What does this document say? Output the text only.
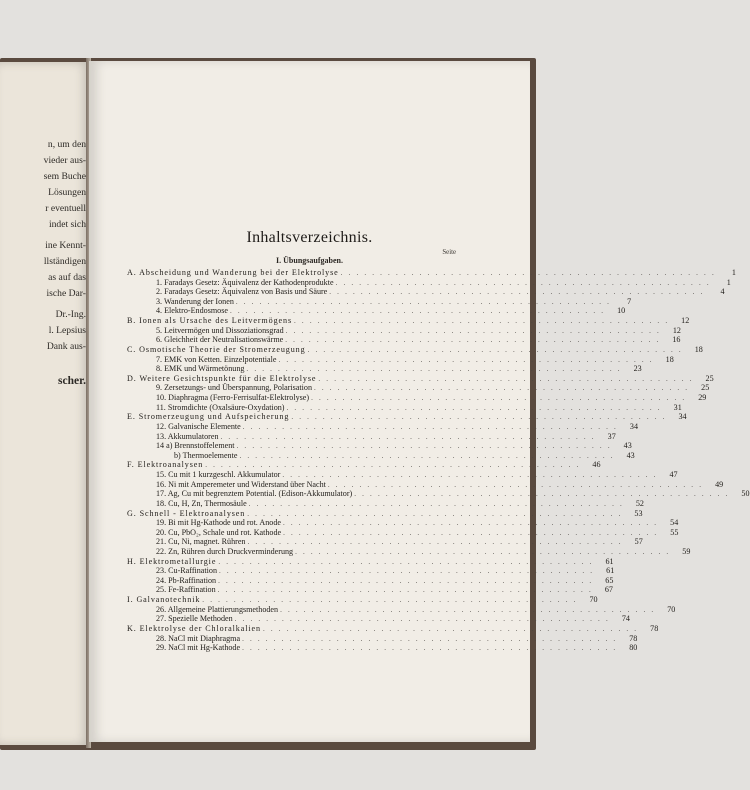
n, um den
vieder aus-
sem Buche
Lösungen
r eventuell
indet sich
ine Kennt-
llständigen
as auf das
ische Dar-
Dr.-Ing.
l. Lepsius
Dank aus-
scher.
Inhaltsverzeichnis.
Seite
I. Übungsaufgaben.
A. Abscheidung und Wanderung bei der Elektrolyse . . . . . . . . . . . . . . . . . . . . . . . . . . . . . . . . . . . . . . . . . . . . . . . .	1
1. Faradays Gesetz: Äquivalenz der Kathodenprodukte . . . . . . . . . . . . . . . . . . . . . . . . . . . . . . . . . . . . . . . . . . . . . . . .	1
2. Faradays Gesetz: Äquivalenz von Basis und Säure . . . . . . . . . . . . . . . . . . . . . . . . . . . . . . . . . . . . . . . . . . . . . . . .	4
3. Wanderung der Ionen . . . . . . . . . . . . . . . . . . . . . . . . . . . . . . . . . . . . . . . . . . . . . . . .	7
4. Elektro-Endosmose . . . . . . . . . . . . . . . . . . . . . . . . . . . . . . . . . . . . . . . . . . . . . . . .	10
B. Ionen als Ursache des Leitvermögens . . . . . . . . . . . . . . . . . . . . . . . . . . . . . . . . . . . . . . . . . . . . . . . .	12
5. Leitvermögen und Dissoziationsgrad . . . . . . . . . . . . . . . . . . . . . . . . . . . . . . . . . . . . . . . . . . . . . . . .	12
6. Gleichheit der Neutralisationswärme . . . . . . . . . . . . . . . . . . . . . . . . . . . . . . . . . . . . . . . . . . . . . . . .	16
C. Osmotische Theorie der Stromerzeugung . . . . . . . . . . . . . . . . . . . . . . . . . . . . . . . . . . . . . . . . . . . . . . . .	18
7. EMK von Ketten. Einzelpotentiale . . . . . . . . . . . . . . . . . . . . . . . . . . . . . . . . . . . . . . . . . . . . . . . .	18
8. EMK und Wärmetönung . . . . . . . . . . . . . . . . . . . . . . . . . . . . . . . . . . . . . . . . . . . . . . . .	23
D. Weitere Gesichtspunkte für die Elektrolyse . . . . . . . . . . . . . . . . . . . . . . . . . . . . . . . . . . . . . . . . . . . . . . . .	25
9. Zersetzungs- und Überspannung, Polarisation . . . . . . . . . . . . . . . . . . . . . . . . . . . . . . . . . . . . . . . . . . . . . . . .	25
10. Diaphragma (Ferro-Ferrisulfat-Elektrolyse) . . . . . . . . . . . . . . . . . . . . . . . . . . . . . . . . . . . . . . . . . . . . . . . .	29
11. Stromdichte (Oxalsäure-Oxydation) . . . . . . . . . . . . . . . . . . . . . . . . . . . . . . . . . . . . . . . . . . . . . . . .	31
E. Stromerzeugung und Aufspeicherung . . . . . . . . . . . . . . . . . . . . . . . . . . . . . . . . . . . . . . . . . . . . . . . .	34
12. Galvanische Elemente . . . . . . . . . . . . . . . . . . . . . . . . . . . . . . . . . . . . . . . . . . . . . . . .	34
13. Akkumulatoren . . . . . . . . . . . . . . . . . . . . . . . . . . . . . . . . . . . . . . . . . . . . . . . .	37
14 a) Brennstoffelement . . . . . . . . . . . . . . . . . . . . . . . . . . . . . . . . . . . . . . . . . . . . . . . .	43
b) Thermoelemente . . . . . . . . . . . . . . . . . . . . . . . . . . . . . . . . . . . . . . . . . . . . . . . .	43
F. Elektroanalysen . . . . . . . . . . . . . . . . . . . . . . . . . . . . . . . . . . . . . . . . . . . . . . . .	46
15. Cu mit 1 kurzgeschl. Akkumulator . . . . . . . . . . . . . . . . . . . . . . . . . . . . . . . . . . . . . . . . . . . . . . . .	47
16. Ni mit Amperemeter und Widerstand über Nacht . . . . . . . . . . . . . . . . . . . . . . . . . . . . . . . . . . . . . . . . . . . . . . . .	49
17. Ag, Cu mit begrenztem Potential. (Edison-Akkumulator) . . . . . . . . . . . . . . . . . . . . . . . . . . . . . . . . . . . . . . . . . . . . . . . .	50
18. Cu, H, Zn, Thermosäule . . . . . . . . . . . . . . . . . . . . . . . . . . . . . . . . . . . . . . . . . . . . . . . .	52
G. Schnell - Elektroanalysen . . . . . . . . . . . . . . . . . . . . . . . . . . . . . . . . . . . . . . . . . . . . . . . .	53
19. Bi mit Hg-Kathode und rot. Anode . . . . . . . . . . . . . . . . . . . . . . . . . . . . . . . . . . . . . . . . . . . . . . . .	54
20. Cu, PbO₂, Schale und rot. Kathode . . . . . . . . . . . . . . . . . . . . . . . . . . . . . . . . . . . . . . . . . . . . . . . .	55
21. Cu, Ni, magnet. Rühren . . . . . . . . . . . . . . . . . . . . . . . . . . . . . . . . . . . . . . . . . . . . . . . .	57
22. Zn, Rühren durch Druckverminderung . . . . . . . . . . . . . . . . . . . . . . . . . . . . . . . . . . . . . . . . . . . . . . . .	59
H. Elektrometallurgie . . . . . . . . . . . . . . . . . . . . . . . . . . . . . . . . . . . . . . . . . . . . . . . .	61
23. Cu-Raffination . . . . . . . . . . . . . . . . . . . . . . . . . . . . . . . . . . . . . . . . . . . . . . . .	61
24. Pb-Raffination . . . . . . . . . . . . . . . . . . . . . . . . . . . . . . . . . . . . . . . . . . . . . . . .	65
25. Fe-Raffination . . . . . . . . . . . . . . . . . . . . . . . . . . . . . . . . . . . . . . . . . . . . . . . .	67
I. Galvanotechnik . . . . . . . . . . . . . . . . . . . . . . . . . . . . . . . . . . . . . . . . . . . . . . . .	70
26. Allgemeine Plattierungsmethoden . . . . . . . . . . . . . . . . . . . . . . . . . . . . . . . . . . . . . . . . . . . . . . . .	70
27. Spezielle Methoden . . . . . . . . . . . . . . . . . . . . . . . . . . . . . . . . . . . . . . . . . . . . . . . .	74
K. Elektrolyse der Chloralkalien . . . . . . . . . . . . . . . . . . . . . . . . . . . . . . . . . . . . . . . . . . . . . . . .	78
28. NaCl mit Diaphragma . . . . . . . . . . . . . . . . . . . . . . . . . . . . . . . . . . . . . . . . . . . . . . . .	78
29. NaCl mit Hg-Kathode . . . . . . . . . . . . . . . . . . . . . . . . . . . . . . . . . . . . . . . . . . . . . . . .	80
